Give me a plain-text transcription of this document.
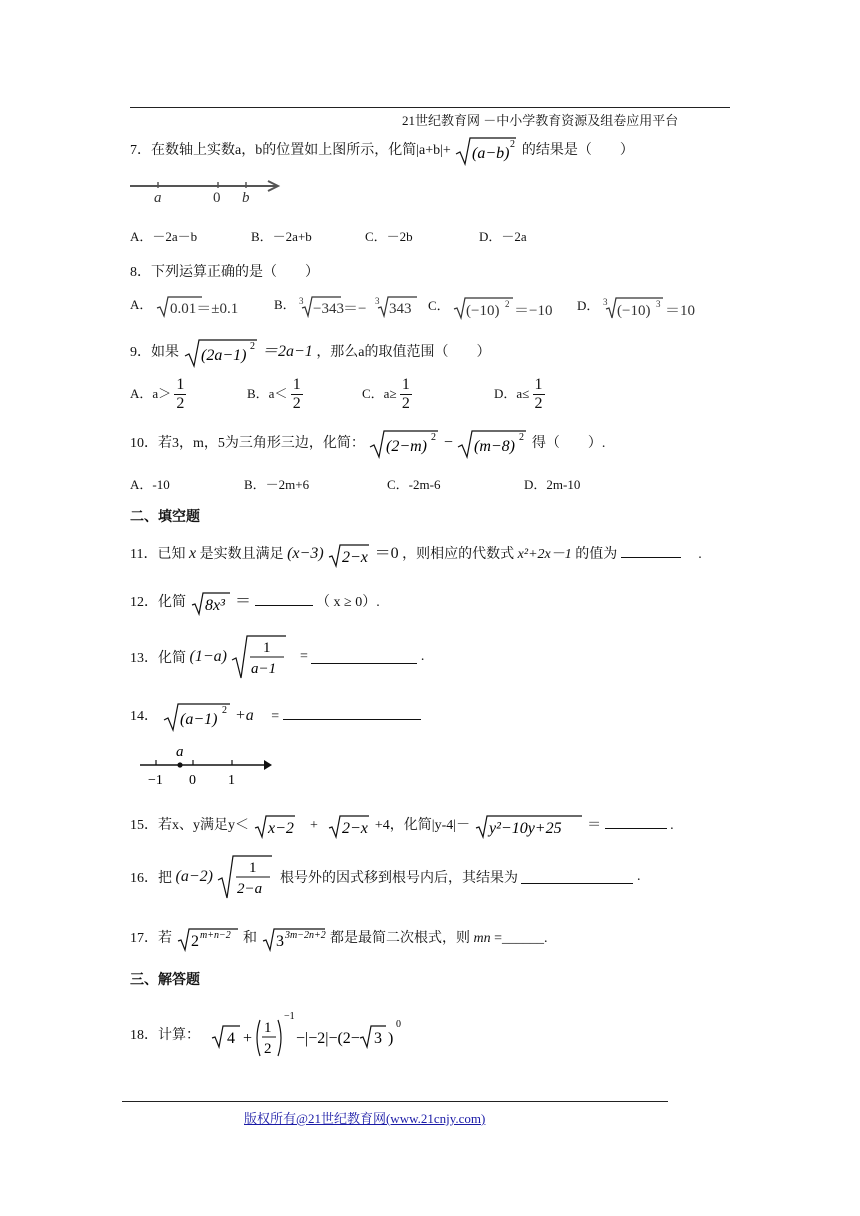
21世纪教育网 －中小学教育资源及组卷应用平台
7．在数轴上实数a，b的位置如上图所示，化简|a+b|+ (a−b)
2 的结果是（　　）
a	0 b
A．－2a－b	B．－2a+b	C．－2b	D．－2a
8．下列运算正确的是（　　）
A． 0.01＝±0.1	B． 3 −343 ＝− 3 343 C． (−10) 2 ＝−10 D． 3
(−10) 3 ＝10
9．如果 (2a−1)
2 ＝2a−1 ，那么a的取值范围（　　）
A．$a> \frac{1}{2}$	B．$a< \frac{1}{2}$	C．$a\ge \frac{1}{2}$	D．$a\le \frac{1}{2}$
10．若3，m，5为三角形三边，化简： (2−m)
2 − (m−8)
2 得（　　）.
A．-10	B．－2m+6	C．-2m-6	D．2m-10
二、填空题
11．已知 x 是实数且满足 (x−3) 2−x ＝0 ，则相应的代数式 x²+2x－1 的值为	.
12．化简 8x³ ＝	（ x ≥ 0）.
13．化简 (1−a) 1
a−1
=	.
14． (a−1)
2 +a =
a
−1 0 1
15．若x、y满足y＜ x−2 + 2−x +4，化简|y-4|－ y²−10y+25 ＝	.
16．把 (a−2) 1
2−a
根号外的因式移到根号内后，其结果为	.
17．若 2 m+n−2 和 3 3m−2n+2 都是最简二次根式，则 mn =______.
三、解答题
18．计算： 4 +
1
2
−1
−|−2|−(2− 3 )
0
版权所有@21世纪教育网(www.21cnjy.com)
